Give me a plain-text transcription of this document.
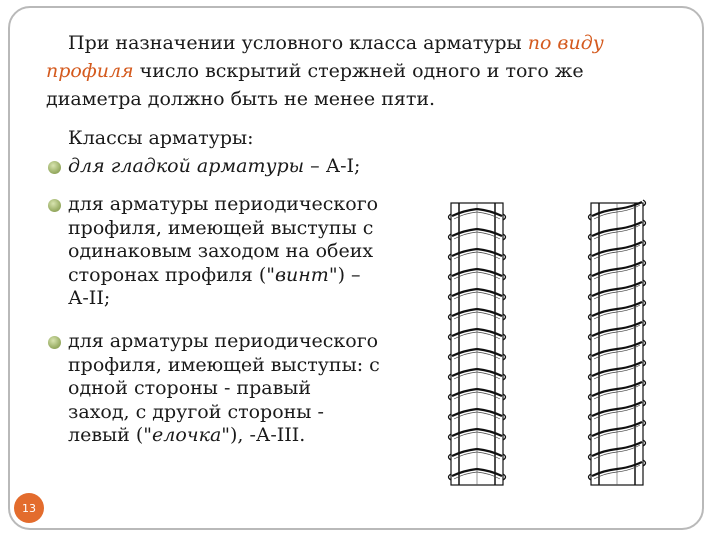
При назначении условного класса арматуры по виду профиля число вскрытий стержней одного и того же диаметра должно быть не менее пяти.
Классы арматуры:
для гладкой арматуры – А-I;
для арматуры периодического
профиля, имеющей выступы с
одинаковым заходом на обеих
сторонах профиля ("винт") –
А-II;
для арматуры периодического
профиля, имеющей выступы: с
одной стороны - правый
заход, с другой стороны -
левый ("елочка"), -А-III.
13
